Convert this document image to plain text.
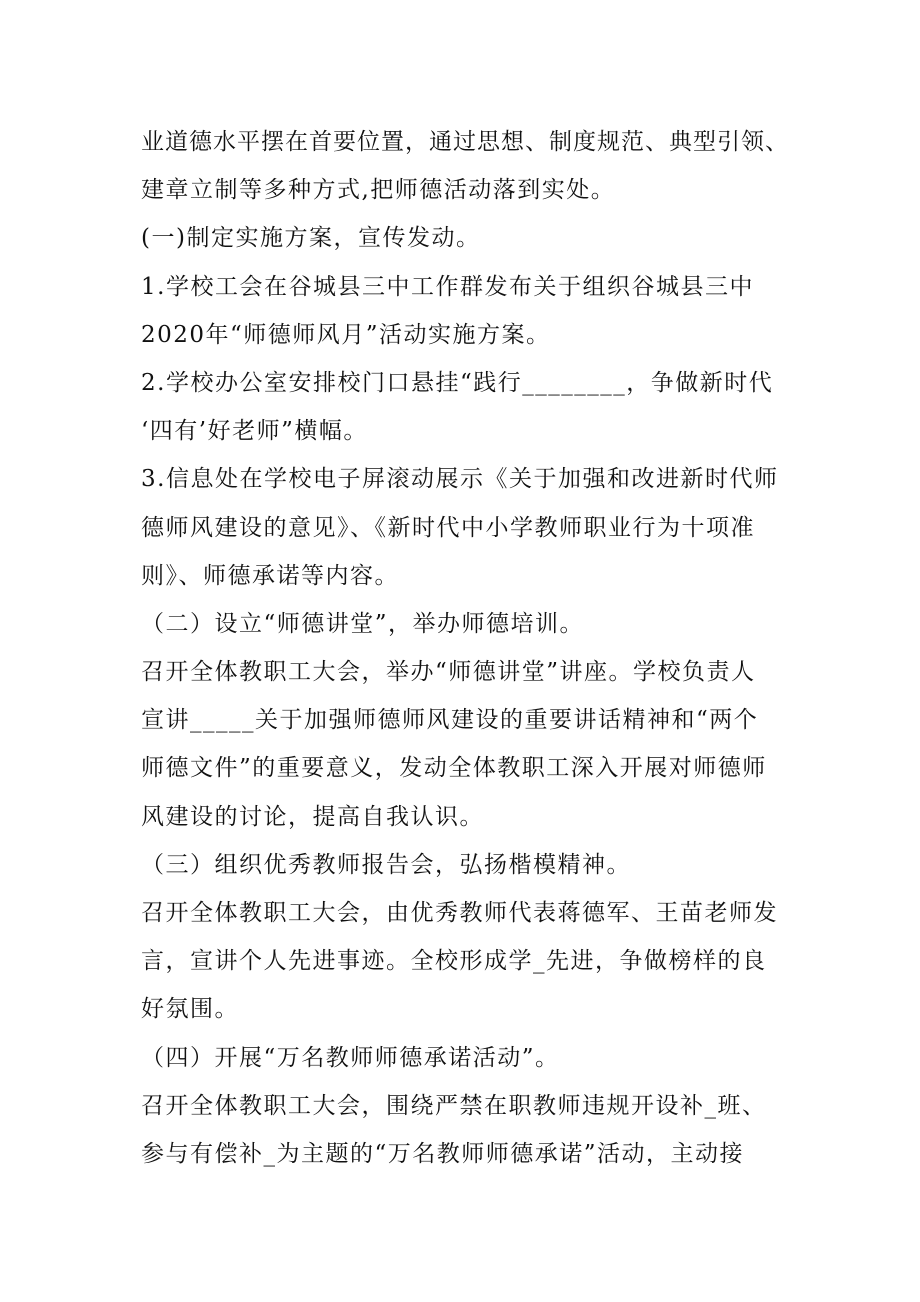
业道德水平摆在首要位置，通过思想、制度规范、典型引领、
建章立制等多种方式,把师德活动落到实处。
(一)制定实施方案，宣传发动。
1.学校工会在谷城县三中工作群发布关于组织谷城县三中
2020年“师德师风月”活动实施方案。
2.学校办公室安排校门口悬挂“践行________，争做新时代
‘四有’好老师”横幅。
3.信息处在学校电子屏滚动展示《关于加强和改进新时代师
德师风建设的意见》、《新时代中小学教师职业行为十项准
则》、师德承诺等内容。
（二）设立“师德讲堂”，举办师德培训。
召开全体教职工大会，举办“师德讲堂”讲座。学校负责人
宣讲_____关于加强师德师风建设的重要讲话精神和“两个
师德文件”的重要意义，发动全体教职工深入开展对师德师
风建设的讨论，提高自我认识。
（三）组织优秀教师报告会，弘扬楷模精神。
召开全体教职工大会，由优秀教师代表蒋德军、王苗老师发
言，宣讲个人先进事迹。全校形成学_先进，争做榜样的良
好氛围。
（四）开展“万名教师师德承诺活动”。
召开全体教职工大会，围绕严禁在职教师违规开设补_班、
参与有偿补_为主题的“万名教师师德承诺”活动，主动接
